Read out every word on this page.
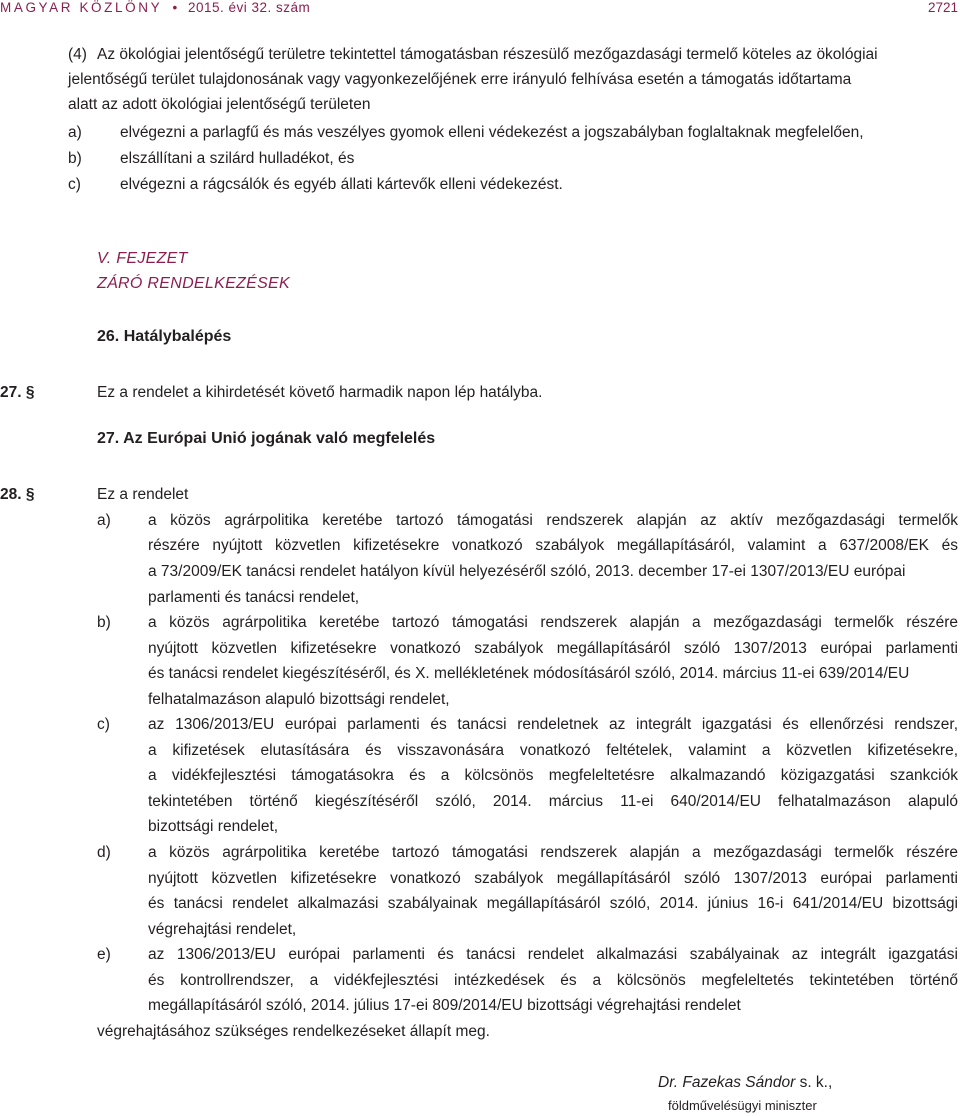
MAGYAR KÖZLÖNY • 2015. évi 32. szám	2721
(4) Az ökológiai jelentőségű területre tekintettel támogatásban részesülő mezőgazdasági termelő köteles az ökológiai
jelentőségű terület tulajdonosának vagy vagyonkezelőjének erre irányuló felhívása esetén a támogatás időtartama
alatt az adott ökológiai jelentőségű területen
a) elvégezni a parlagfű és más veszélyes gyomok elleni védekezést a jogszabályban foglaltaknak megfelelően,
b) elszállítani a szilárd hulladékot, és
c)	elvégezni a rágcsálók és egyéb állati kártevők elleni védekezést.
V. FEJEZET
ZÁRÓ RENDELKEZÉSEK
26. Hatálybalépés
27. §	Ez a rendelet a kihirdetését követő harmadik napon lép hatályba.
27. Az Európai Unió jogának való megfelelés
28. §	Ez a rendelet
a) a közös agrárpolitika keretébe tartozó támogatási rendszerek alapján az aktív mezőgazdasági termelők
részére nyújtott közvetlen kifizetésekre vonatkozó szabályok megállapításáról, valamint a 637/2008/EK és
a 73/2009/EK tanácsi rendelet hatályon kívül helyezéséről szóló, 2013. december 17-ei 1307/2013/EU európai
parlamenti és tanácsi rendelet,
b) a közös agrárpolitika keretébe tartozó támogatási rendszerek alapján a mezőgazdasági termelők részére
nyújtott közvetlen kifizetésekre vonatkozó szabályok megállapításáról szóló 1307/2013 európai parlamenti
és tanácsi rendelet kiegészítéséről, és X. mellékletének módosításáról szóló, 2014. március 11-ei 639/2014/EU
felhatalmazáson alapuló bizottsági rendelet,
c) az 1306/2013/EU európai parlamenti és tanácsi rendeletnek az integrált igazgatási és ellenőrzési rendszer,
a kifizetések elutasítására és visszavonására vonatkozó feltételek, valamint a közvetlen kifizetésekre,
a vidékfejlesztési támogatásokra és a kölcsönös megfeleltetésre alkalmazandó közigazgatási szankciók
tekintetében történő kiegészítéséről szóló, 2014. március 11-ei 640/2014/EU felhatalmazáson alapuló
bizottsági rendelet,
d) a közös agrárpolitika keretébe tartozó támogatási rendszerek alapján a mezőgazdasági termelők részére
nyújtott közvetlen kifizetésekre vonatkozó szabályok megállapításáról szóló 1307/2013 európai parlamenti
és tanácsi rendelet alkalmazási szabályainak megállapításáról szóló, 2014. június 16-i 641/2014/EU bizottsági
végrehajtási rendelet,
e) az 1306/2013/EU európai parlamenti és tanácsi rendelet alkalmazási szabályainak az integrált igazgatási
és kontrollrendszer, a vidékfejlesztési intézkedések és a kölcsönös megfeleltetés tekintetében történő
megállapításáról szóló, 2014. július 17-ei 809/2014/EU bizottsági végrehajtási rendelet
végrehajtásához szükséges rendelkezéseket állapít meg.
Dr. Fazekas Sándor s. k.,
földművelésügyi miniszter
